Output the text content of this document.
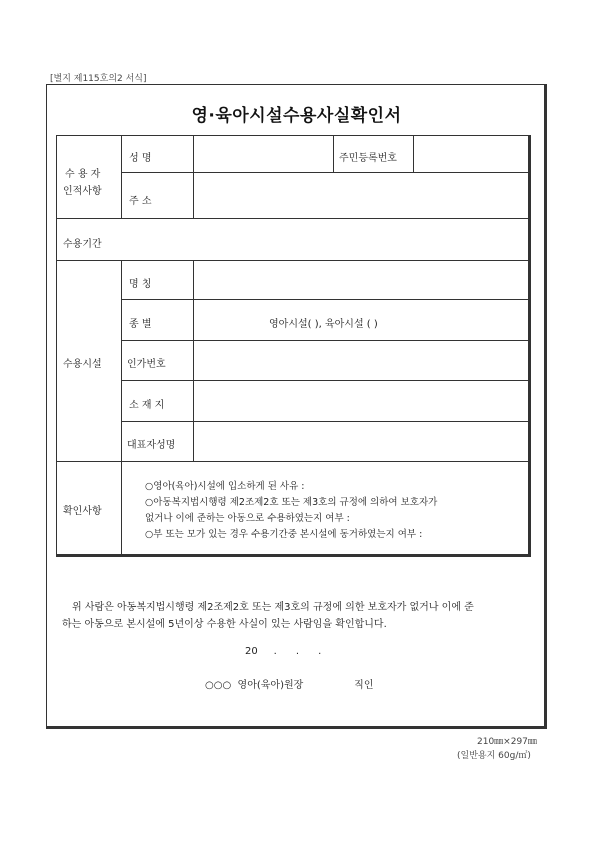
[별지 제115호의2 서식]
영·육아시설수용사실확인서
수 용 자
인적사항
성 명	주민등록번호
주 소
수용기간
수용시설
명 칭
종 별	영아시설( ), 육아시설 ( )
인가번호
소 재 지
대표자성명
확인사항
○영아(육아)시설에 입소하게 된 사유 :
○아동복지법시행령 제2조제2호 또는 제3호의 규정에 의하여 보호자가
없거나 이에 준하는 아동으로 수용하였는지 여부 :
○부 또는 모가 있는 경우 수용기간중 본시설에 동거하였는지 여부 :
위 사람은 아동복지법시행령 제2조제2호 또는 제3호의 규정에 의한 보호자가 없거나 이에 준
하는 아동으로 본시설에 5년이상 수용한 사실이 있는 사람임을 확인합니다.
20     .      .      .
○○○  영아(육아)원장                직인
210㎜×297㎜
(일반용지 60g/㎡)
